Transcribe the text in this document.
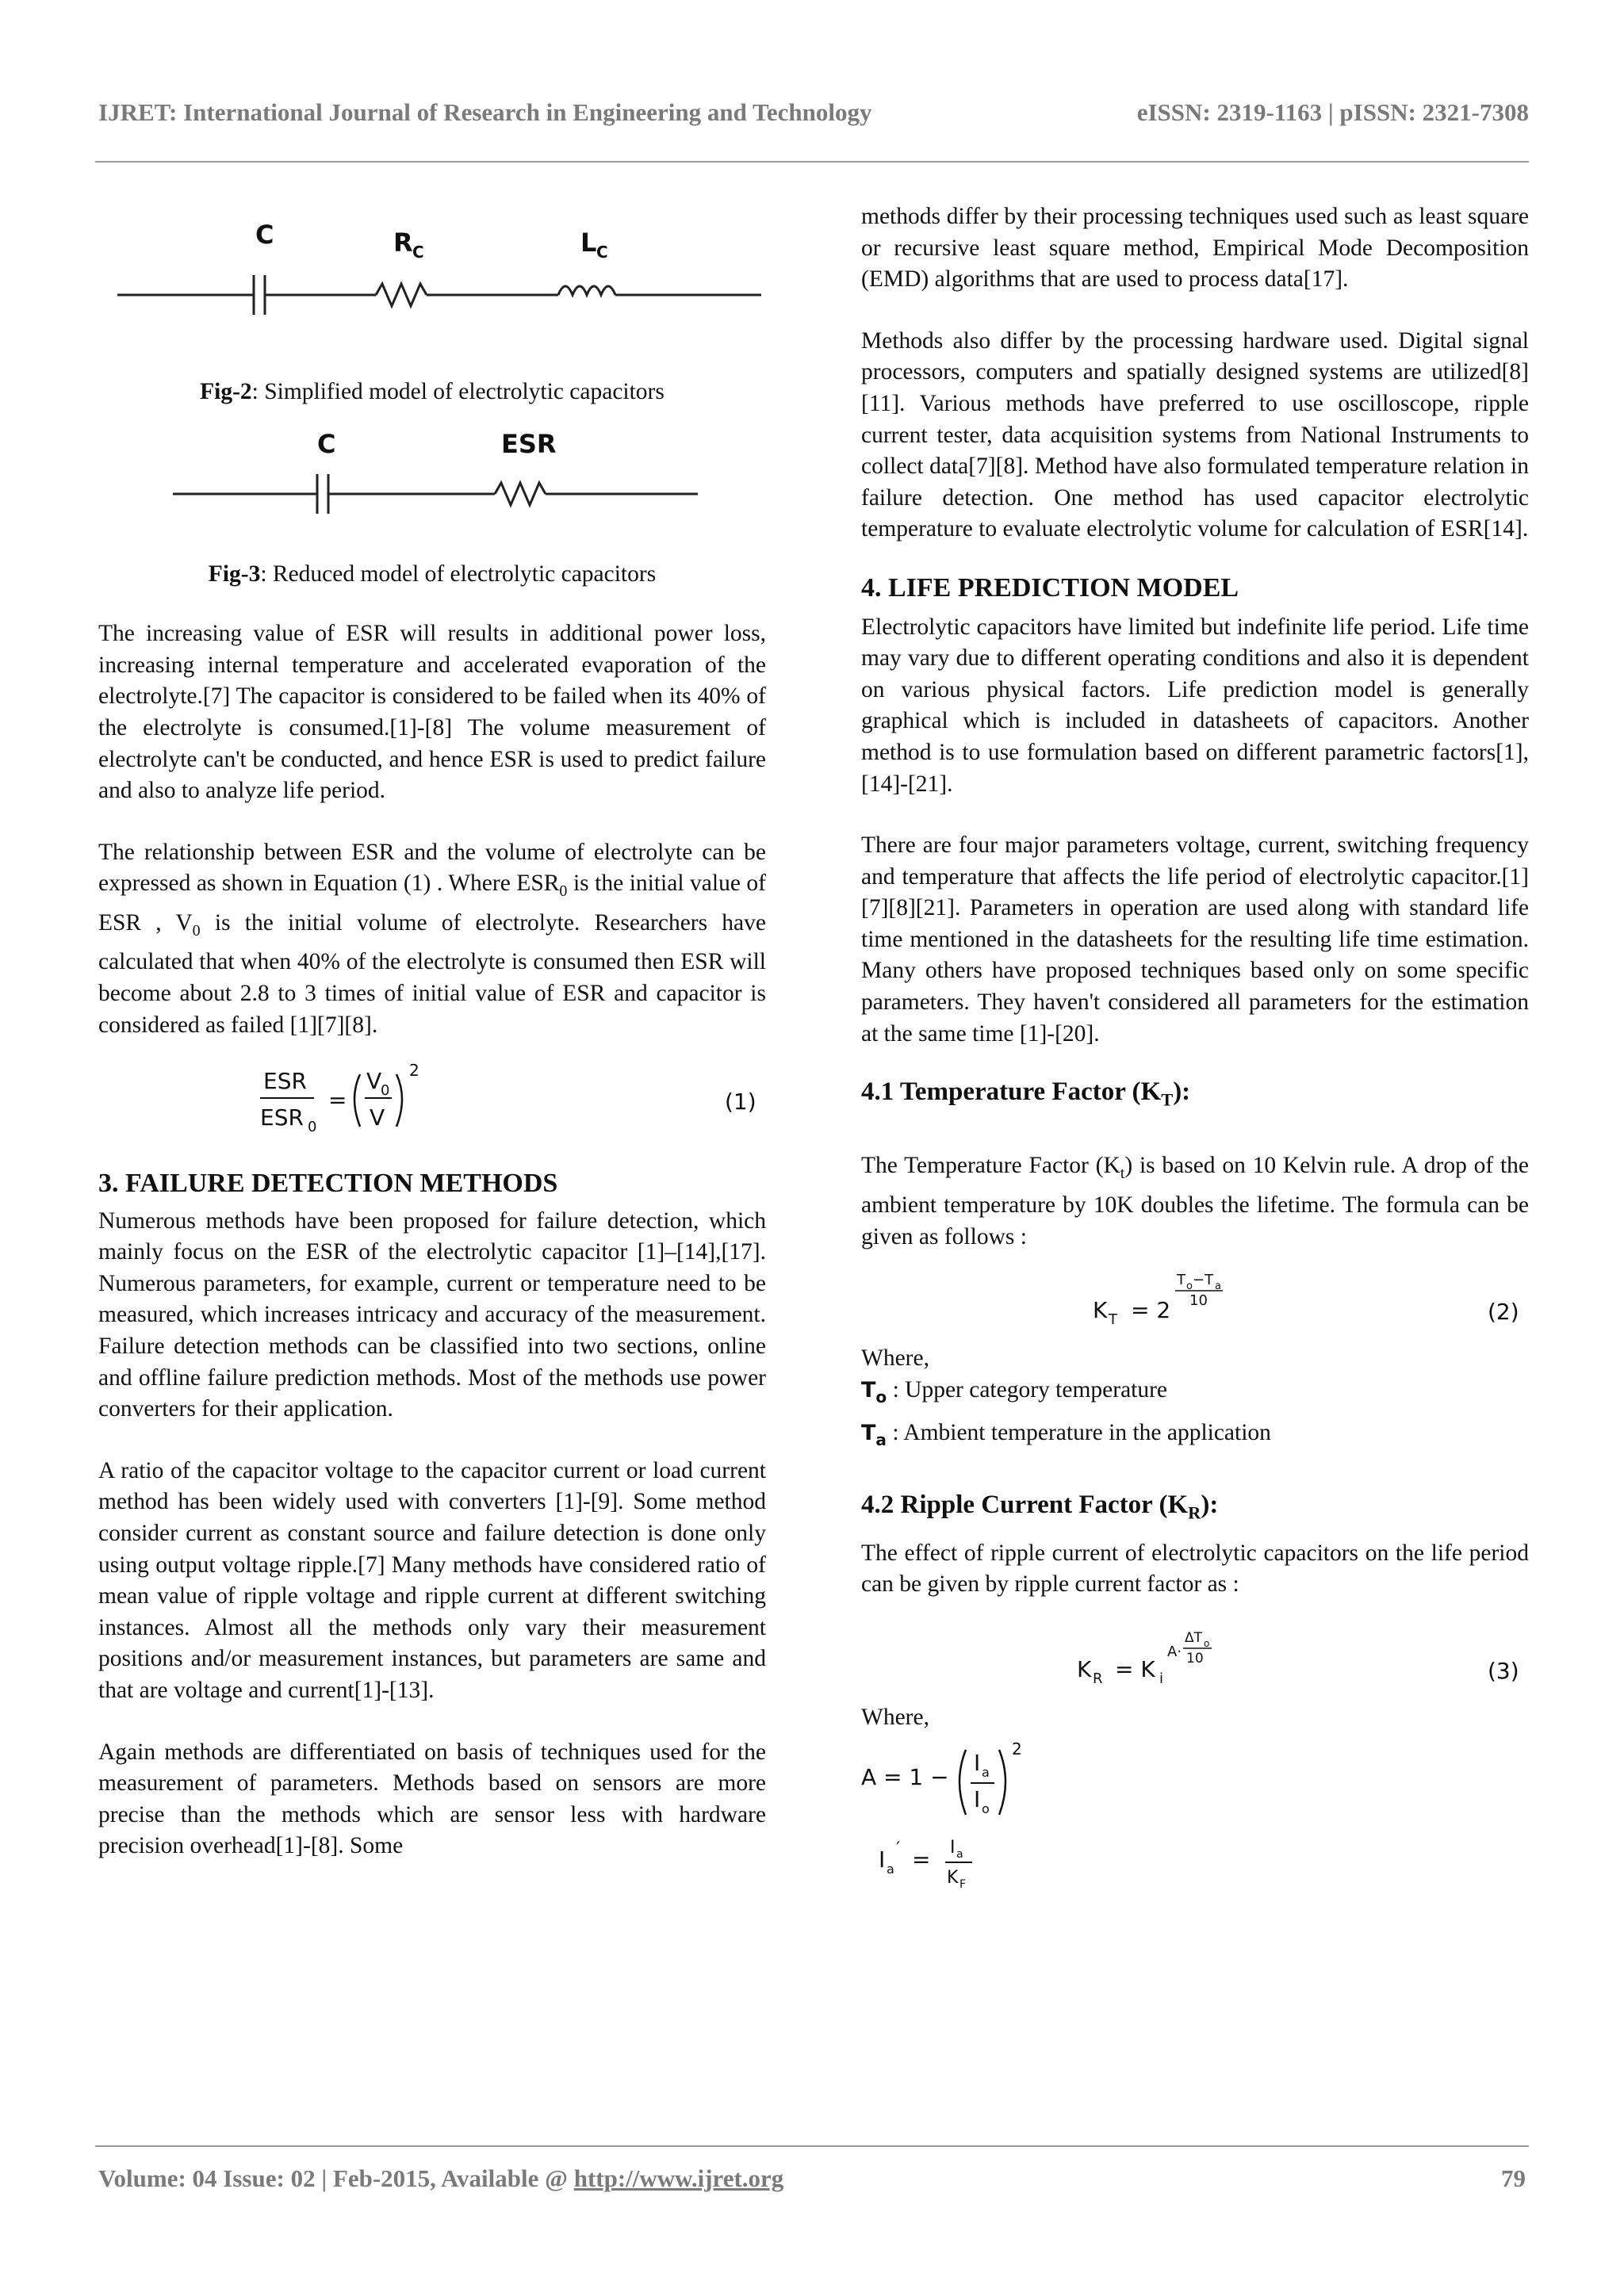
IJRET: International Journal of Research in Engineering and Technology	eISSN: 2319-1163 | pISSN: 2321-7308
C	R C	L C
Fig-2: Simplified model of electrolytic capacitors
C	ESR
Fig-3: Reduced model of electrolytic capacitors

The increasing value of ESR will results in additional power loss, increasing internal temperature and accelerated evaporation of the electrolyte.[7] The capacitor is considered to be failed when its 40% of the electrolyte is consumed.[1]-[8] The volume measurement of electrolyte can't be conducted, and hence ESR is used to predict failure and also to analyze life period.

The relationship between ESR and the volume of electrolyte can be expressed as shown in Equation (1) . Where $ESR_0$ is the initial value of ESR , $V_0$ is the initial volume of electrolyte. Researchers have calculated that when 40% of the electrolyte is consumed then ESR will become about 2.8 to 3 times of initial value of ESR and capacitor is considered as failed [1][7][8].

ESR
ESR 0
=
V
0
V
2
(1)

3. FAILURE DETECTION METHODS

Numerous methods have been proposed for failure detection, which mainly focus on the ESR of the electrolytic capacitor [1]–[14],[17]. Numerous parameters, for example, current or temperature need to be measured, which increases intricacy and accuracy of the measurement. Failure detection methods can be classified into two sections, online and offline failure prediction methods. Most of the methods use power converters for their application.

A ratio of the capacitor voltage to the capacitor current or load current method has been widely used with converters [1]-[9]. Some method consider current as constant source and failure detection is done only using output voltage ripple.[7] Many methods have considered ratio of mean value of ripple voltage and ripple current at different switching instances. Almost all the methods only vary their measurement positions and/or measurement instances, but parameters are same and that are voltage and current[1]-[13].

Again methods are differentiated on basis of techniques used for the measurement of parameters. Methods based on sensors are more precise than the methods which are sensor less with hardware precision overhead[1]-[8]. Some

methods differ by their processing techniques used such as least square or recursive least square method, Empirical Mode Decomposition (EMD) algorithms that are used to process data[17].

Methods also differ by the processing hardware used. Digital signal processors, computers and spatially designed systems are utilized[8][11]. Various methods have preferred to use oscilloscope, ripple current tester, data acquisition systems from National Instruments to collect data[7][8]. Method have also formulated temperature relation in failure detection. One method has used capacitor electrolytic temperature to evaluate electrolytic volume for calculation of ESR[14].

4. LIFE PREDICTION MODEL

Electrolytic capacitors have limited but indefinite life period. Life time may vary due to different operating conditions and also it is dependent on various physical factors. Life prediction model is generally graphical which is included in datasheets of capacitors. Another method is to use formulation based on different parametric factors[1],[14]-[21].

There are four major parameters voltage, current, switching frequency and temperature that affects the life period of electrolytic capacitor.[1][7][8][21]. Parameters in operation are used along with standard life time mentioned in the datasheets for the resulting life time estimation. Many others have proposed techniques based only on some specific parameters. They haven't considered all parameters for the estimation at the same time [1]-[20].

4.1 Temperature Factor $(K_T)$:

The Temperature Factor $(K_t)$ is based on 10 Kelvin rule. A drop of the ambient temperature by 10K doubles the lifetime. The formula can be given as follows :

K T = 2
T o −T a
10	(2)

Where,

$T_o$ : Upper category temperature

$T_a$ : Ambient temperature in the application

4.2 Ripple Current Factor $(K_R)$:

The effect of ripple current of electrolytic capacitors on the life period can be given by ripple current factor as :

K R = K i
A·
ΔT o
10	(3)

Where,

A = 1 −
I a
I o
2
I a
′ = I a
K F
Volume: 04 Issue: 02 | Feb-2015, Available @ http://www.ijret.org	79
